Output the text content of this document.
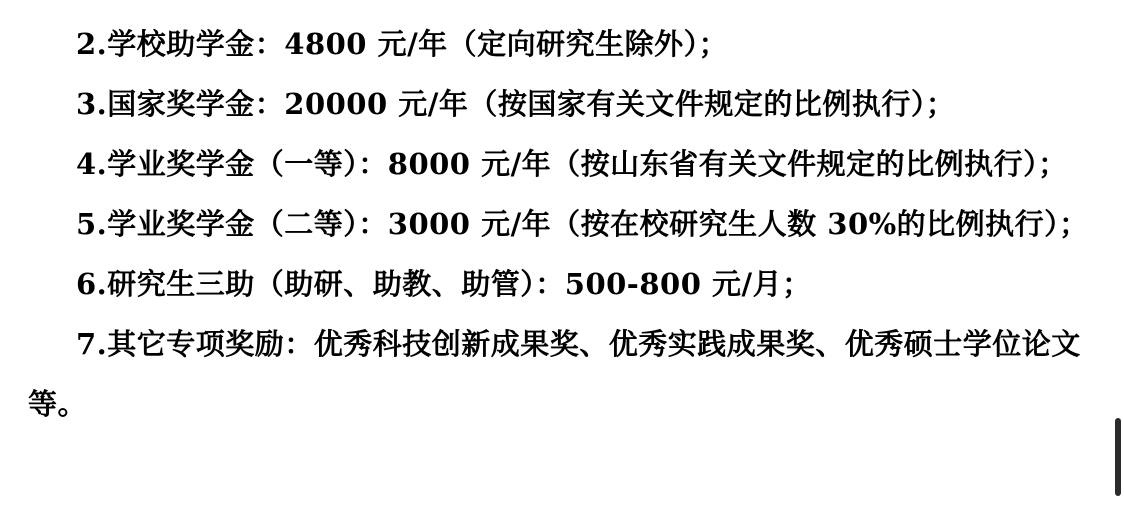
2.学校助学金：4800 元/年（定向研究生除外）；

3.国家奖学金：20000 元/年（按国家有关文件规定的比例执行）；

4.学业奖学金（一等）：8000 元/年（按山东省有关文件规定的比例执行）；

5.学业奖学金（二等）：3000 元/年（按在校研究生人数 30%的比例执行）；

6.研究生三助（助研、助教、助管）：500-800 元/月；

7.其它专项奖励：优秀科技创新成果奖、优秀实践成果奖、优秀硕士学位论文等。
